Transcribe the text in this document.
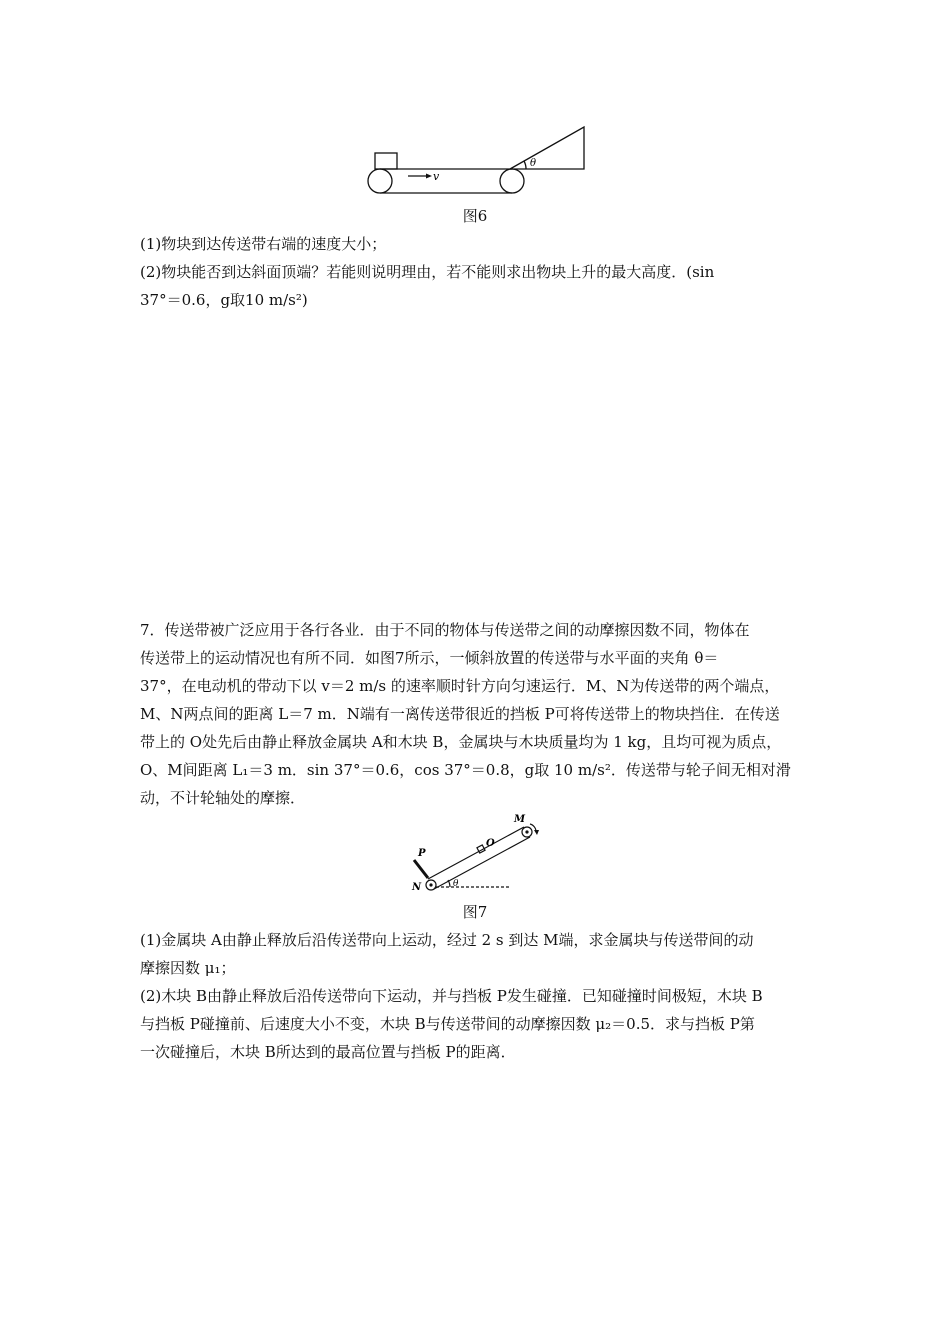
v
θ
图6

(1)物块到达传送带右端的速度大小；

(2)物块能否到达斜面顶端？若能则说明理由，若不能则求出物块上升的最大高度．(sin

37°＝0.6，g取10 m/s²)

7．传送带被广泛应用于各行各业．由于不同的物体与传送带之间的动摩擦因数不同，物体在

传送带上的运动情况也有所不同．如图7所示，一倾斜放置的传送带与水平面的夹角 θ＝

37°，在电动机的带动下以 v＝2 m/s 的速率顺时针方向匀速运行．M、N为传送带的两个端点，

M、N两点间的距离 L＝7 m．N端有一离传送带很近的挡板 P可将传送带上的物块挡住．在传送

带上的 O处先后由静止释放金属块 A和木块 B，金属块与木块质量均为 1 kg，且均可视为质点，

O、M间距离 L₁＝3 m．sin 37°＝0.6，cos 37°＝0.8，g取 10 m/s²．传送带与轮子间无相对滑

动，不计轮轴处的摩擦．

P
N
O
M
θ
图7

(1)金属块 A由静止释放后沿传送带向上运动，经过 2 s 到达 M端，求金属块与传送带间的动

摩擦因数 μ₁；

(2)木块 B由静止释放后沿传送带向下运动，并与挡板 P发生碰撞．已知碰撞时间极短，木块 B

与挡板 P碰撞前、后速度大小不变，木块 B与传送带间的动摩擦因数 μ₂＝0.5．求与挡板 P第

一次碰撞后，木块 B所达到的最高位置与挡板 P的距离．
